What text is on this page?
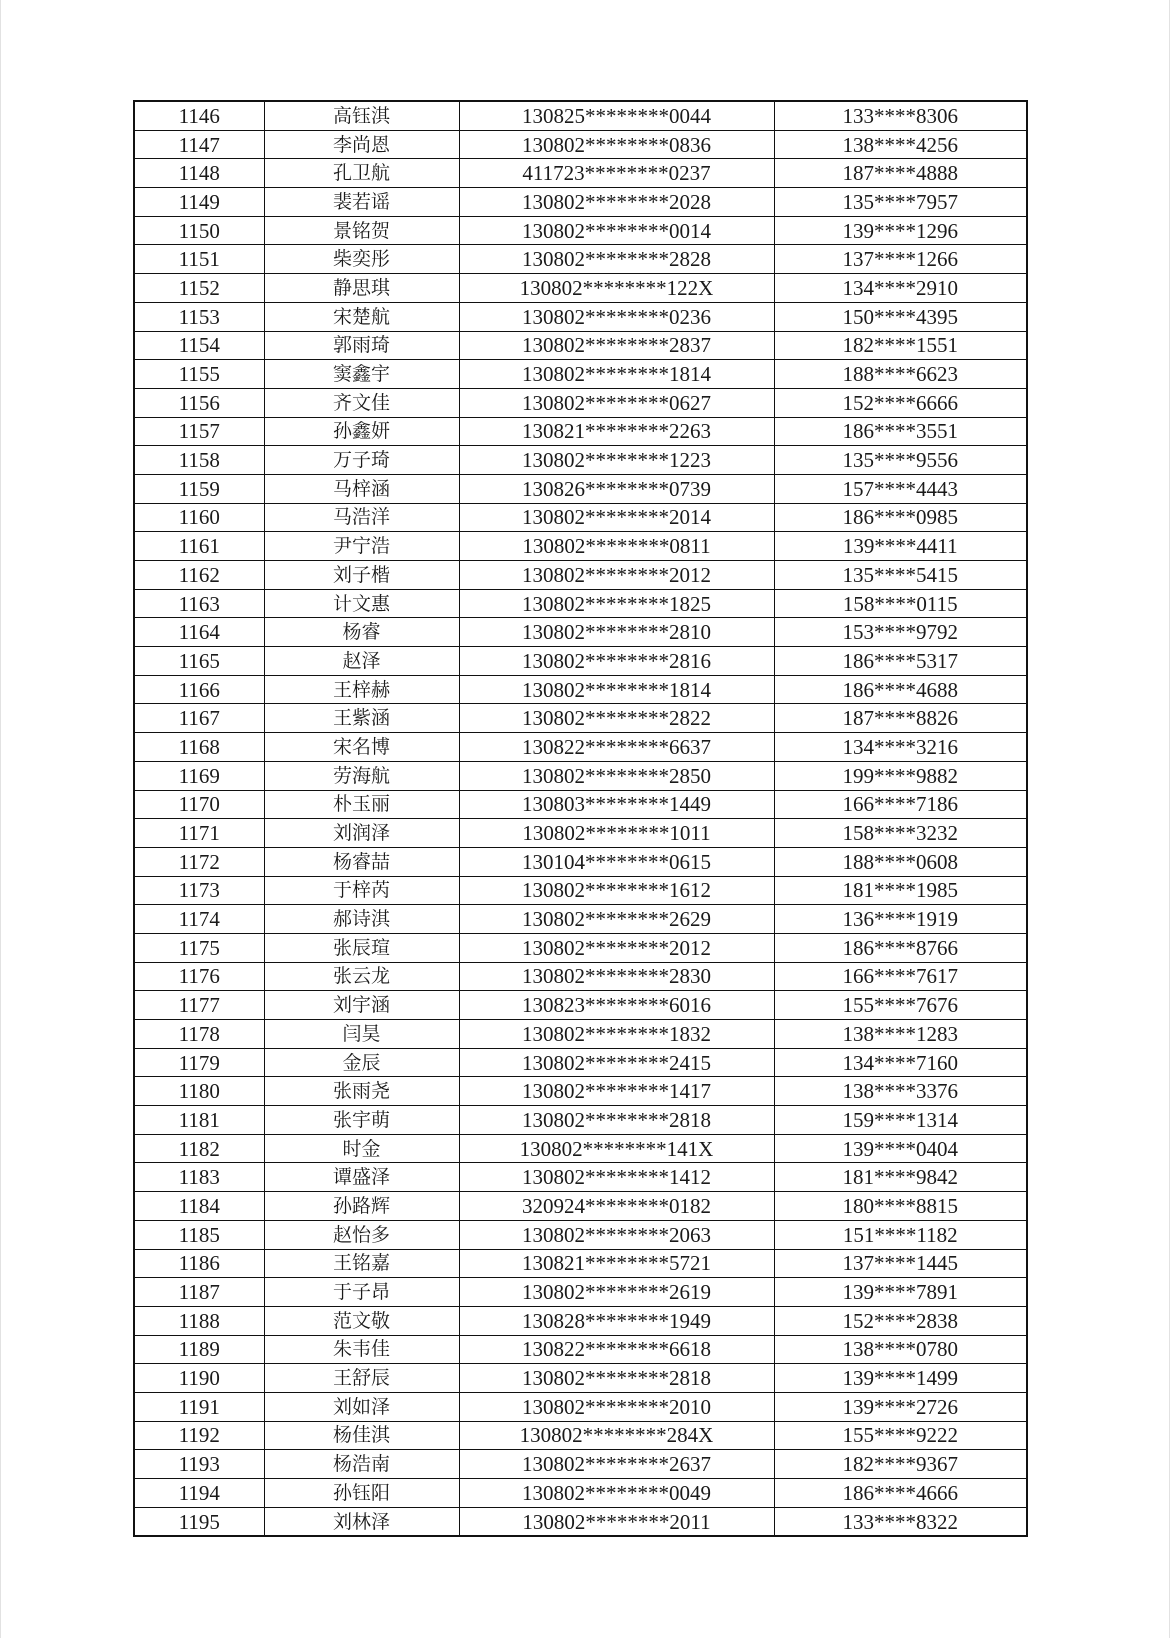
1146	高钰淇	130825********0044	133****8306
1147	李尚恩	130802********0836	138****4256
1148	孔卫航	411723********0237	187****4888
1149	裴若谣	130802********2028	135****7957
1150	景铭贺	130802********0014	139****1296
1151	柴奕彤	130802********2828	137****1266
1152	静思琪	130802********122X	134****2910
1153	宋楚航	130802********0236	150****4395
1154	郭雨琦	130802********2837	182****1551
1155	窦鑫宇	130802********1814	188****6623
1156	齐文佳	130802********0627	152****6666
1157	孙鑫妍	130821********2263	186****3551
1158	万子琦	130802********1223	135****9556
1159	马梓涵	130826********0739	157****4443
1160	马浩洋	130802********2014	186****0985
1161	尹宁浩	130802********0811	139****4411
1162	刘子楷	130802********2012	135****5415
1163	计文惠	130802********1825	158****0115
1164	杨睿	130802********2810	153****9792
1165	赵泽	130802********2816	186****5317
1166	王梓赫	130802********1814	186****4688
1167	王紫涵	130802********2822	187****8826
1168	宋名博	130822********6637	134****3216
1169	劳海航	130802********2850	199****9882
1170	朴玉丽	130803********1449	166****7186
1171	刘润泽	130802********1011	158****3232
1172	杨睿喆	130104********0615	188****0608
1173	于梓芮	130802********1612	181****1985
1174	郝诗淇	130802********2629	136****1919
1175	张辰瑄	130802********2012	186****8766
1176	张云龙	130802********2830	166****7617
1177	刘宇涵	130823********6016	155****7676
1178	闫昊	130802********1832	138****1283
1179	金辰	130802********2415	134****7160
1180	张雨尧	130802********1417	138****3376
1181	张宇萌	130802********2818	159****1314
1182	时金	130802********141X	139****0404
1183	谭盛泽	130802********1412	181****9842
1184	孙路辉	320924********0182	180****8815
1185	赵怡多	130802********2063	151****1182
1186	王铭嘉	130821********5721	137****1445
1187	于子昂	130802********2619	139****7891
1188	范文敬	130828********1949	152****2838
1189	朱韦佳	130822********6618	138****0780
1190	王舒辰	130802********2818	139****1499
1191	刘如泽	130802********2010	139****2726
1192	杨佳淇	130802********284X	155****9222
1193	杨浩南	130802********2637	182****9367
1194	孙钰阳	130802********0049	186****4666
1195	刘林泽	130802********2011	133****8322
